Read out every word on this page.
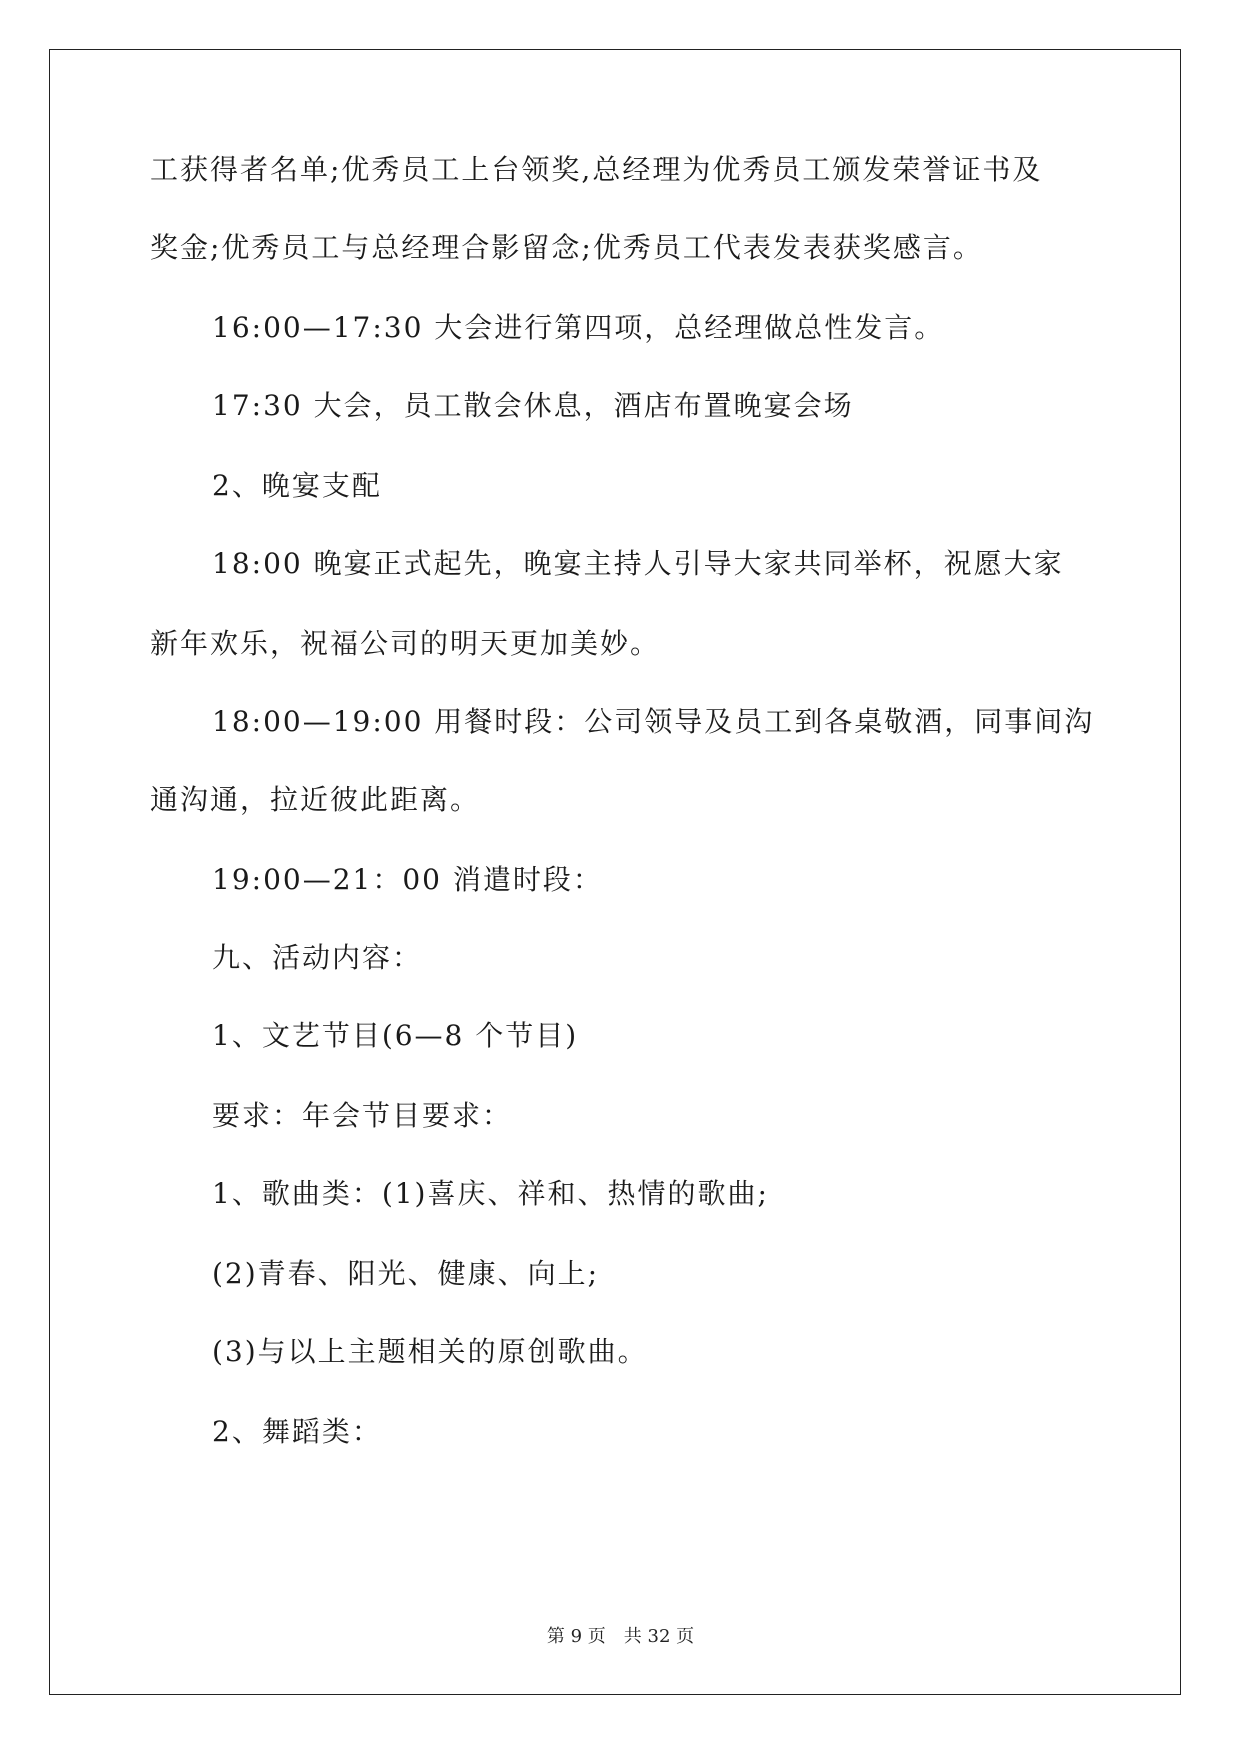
工获得者名单;优秀员工上台领奖,总经理为优秀员工颁发荣誉证书及
奖金;优秀员工与总经理合影留念;优秀员工代表发表获奖感言。
16:00—17:30 大会进行第四项，总经理做总性发言。
17:30 大会，员工散会休息，酒店布置晚宴会场
2、晚宴支配
18:00 晚宴正式起先，晚宴主持人引导大家共同举杯，祝愿大家
新年欢乐，祝福公司的明天更加美妙。
18:00—19:00 用餐时段：公司领导及员工到各桌敬酒，同事间沟
通沟通，拉近彼此距离。
19:00—21：00 消遣时段：
九、活动内容：
1、文艺节目(6—8 个节目)
要求：年会节目要求：
1、歌曲类：(1)喜庆、祥和、热情的歌曲;
(2)青春、阳光、健康、向上;
(3)与以上主题相关的原创歌曲。
2、舞蹈类：
第 9 页　共 32 页
